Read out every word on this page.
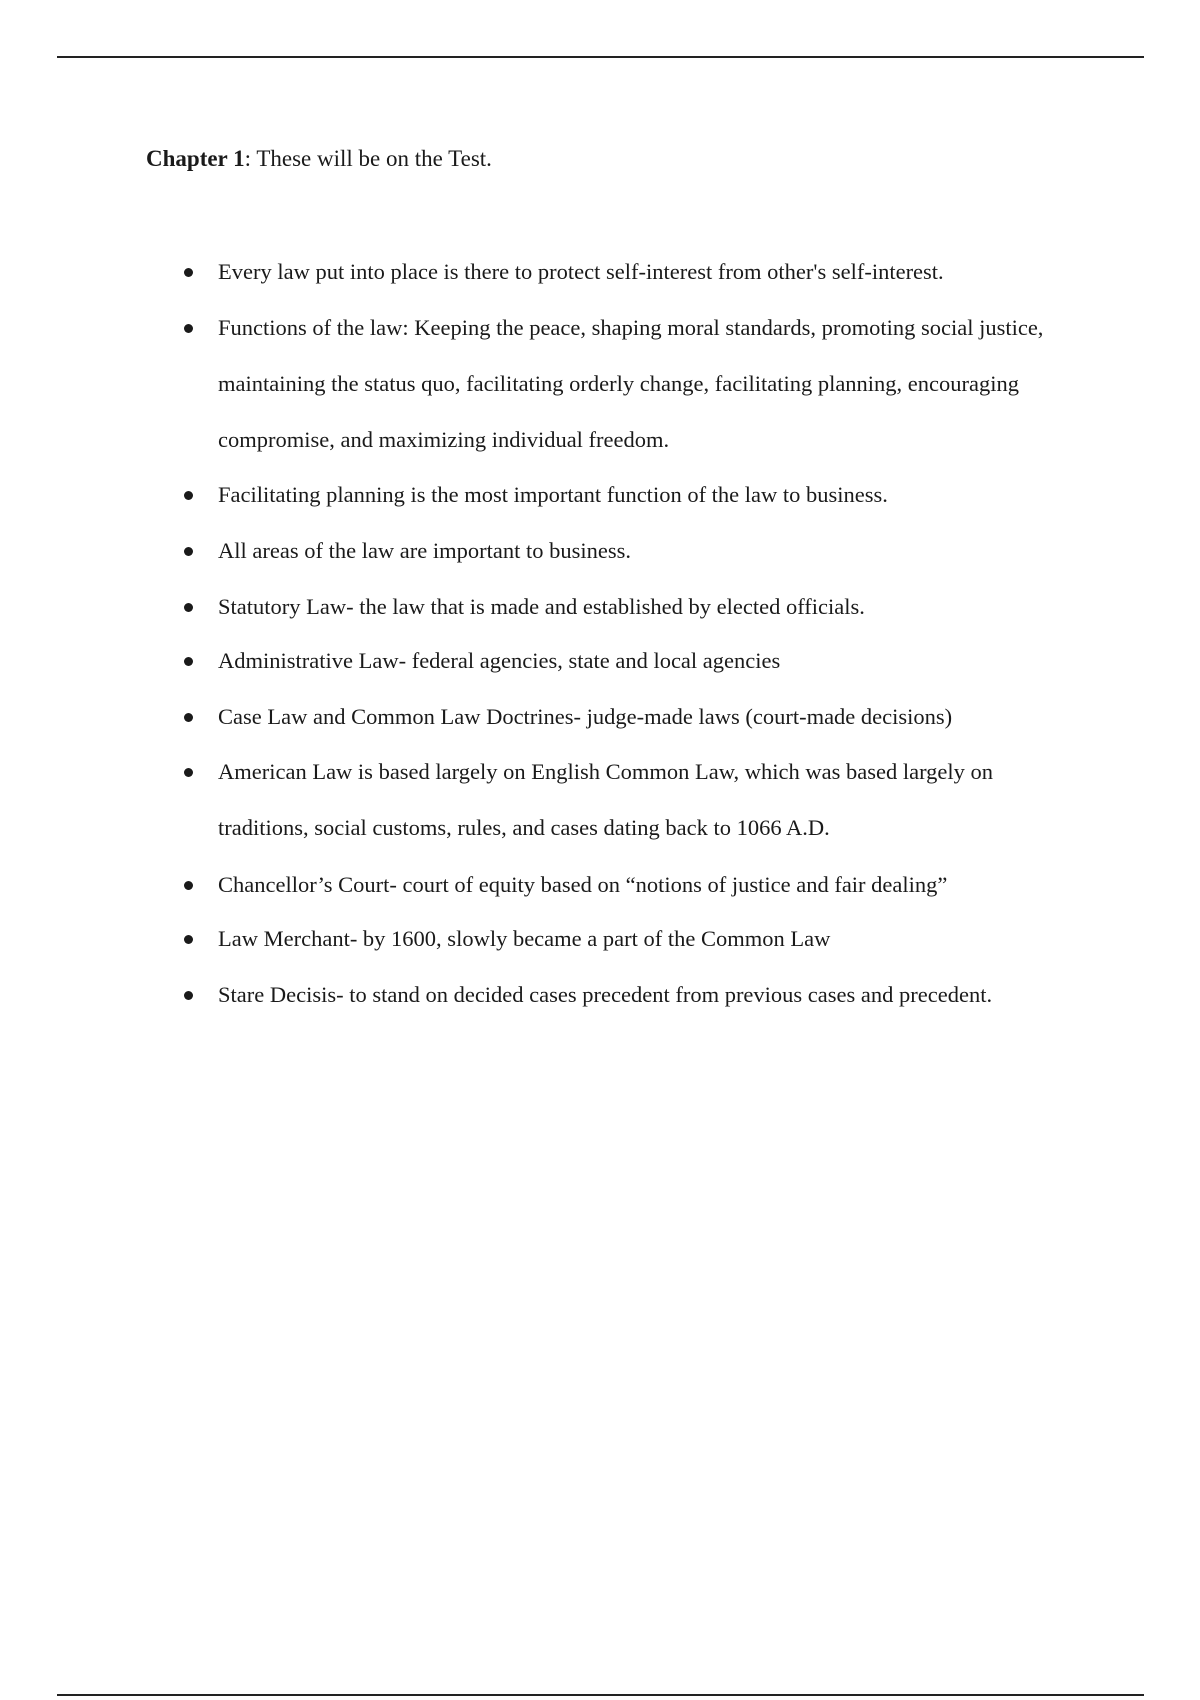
Chapter 1: These will be on the Test.
Every law put into place is there to protect self-interest from other's self-interest.
Functions of the law: Keeping the peace, shaping moral standards, promoting social justice, maintaining the status quo, facilitating orderly change, facilitating planning, encouraging compromise, and maximizing individual freedom.
Facilitating planning is the most important function of the law to business.
All areas of the law are important to business.
Statutory Law- the law that is made and established by elected officials.
Administrative Law- federal agencies, state and local agencies
Case Law and Common Law Doctrines- judge-made laws (court-made decisions)
American Law is based largely on English Common Law, which was based largely on traditions, social customs, rules, and cases dating back to 1066 A.D.
Chancellor’s Court- court of equity based on “notions of justice and fair dealing”
Law Merchant- by 1600, slowly became a part of the Common Law
Stare Decisis- to stand on decided cases precedent from previous cases and precedent.
